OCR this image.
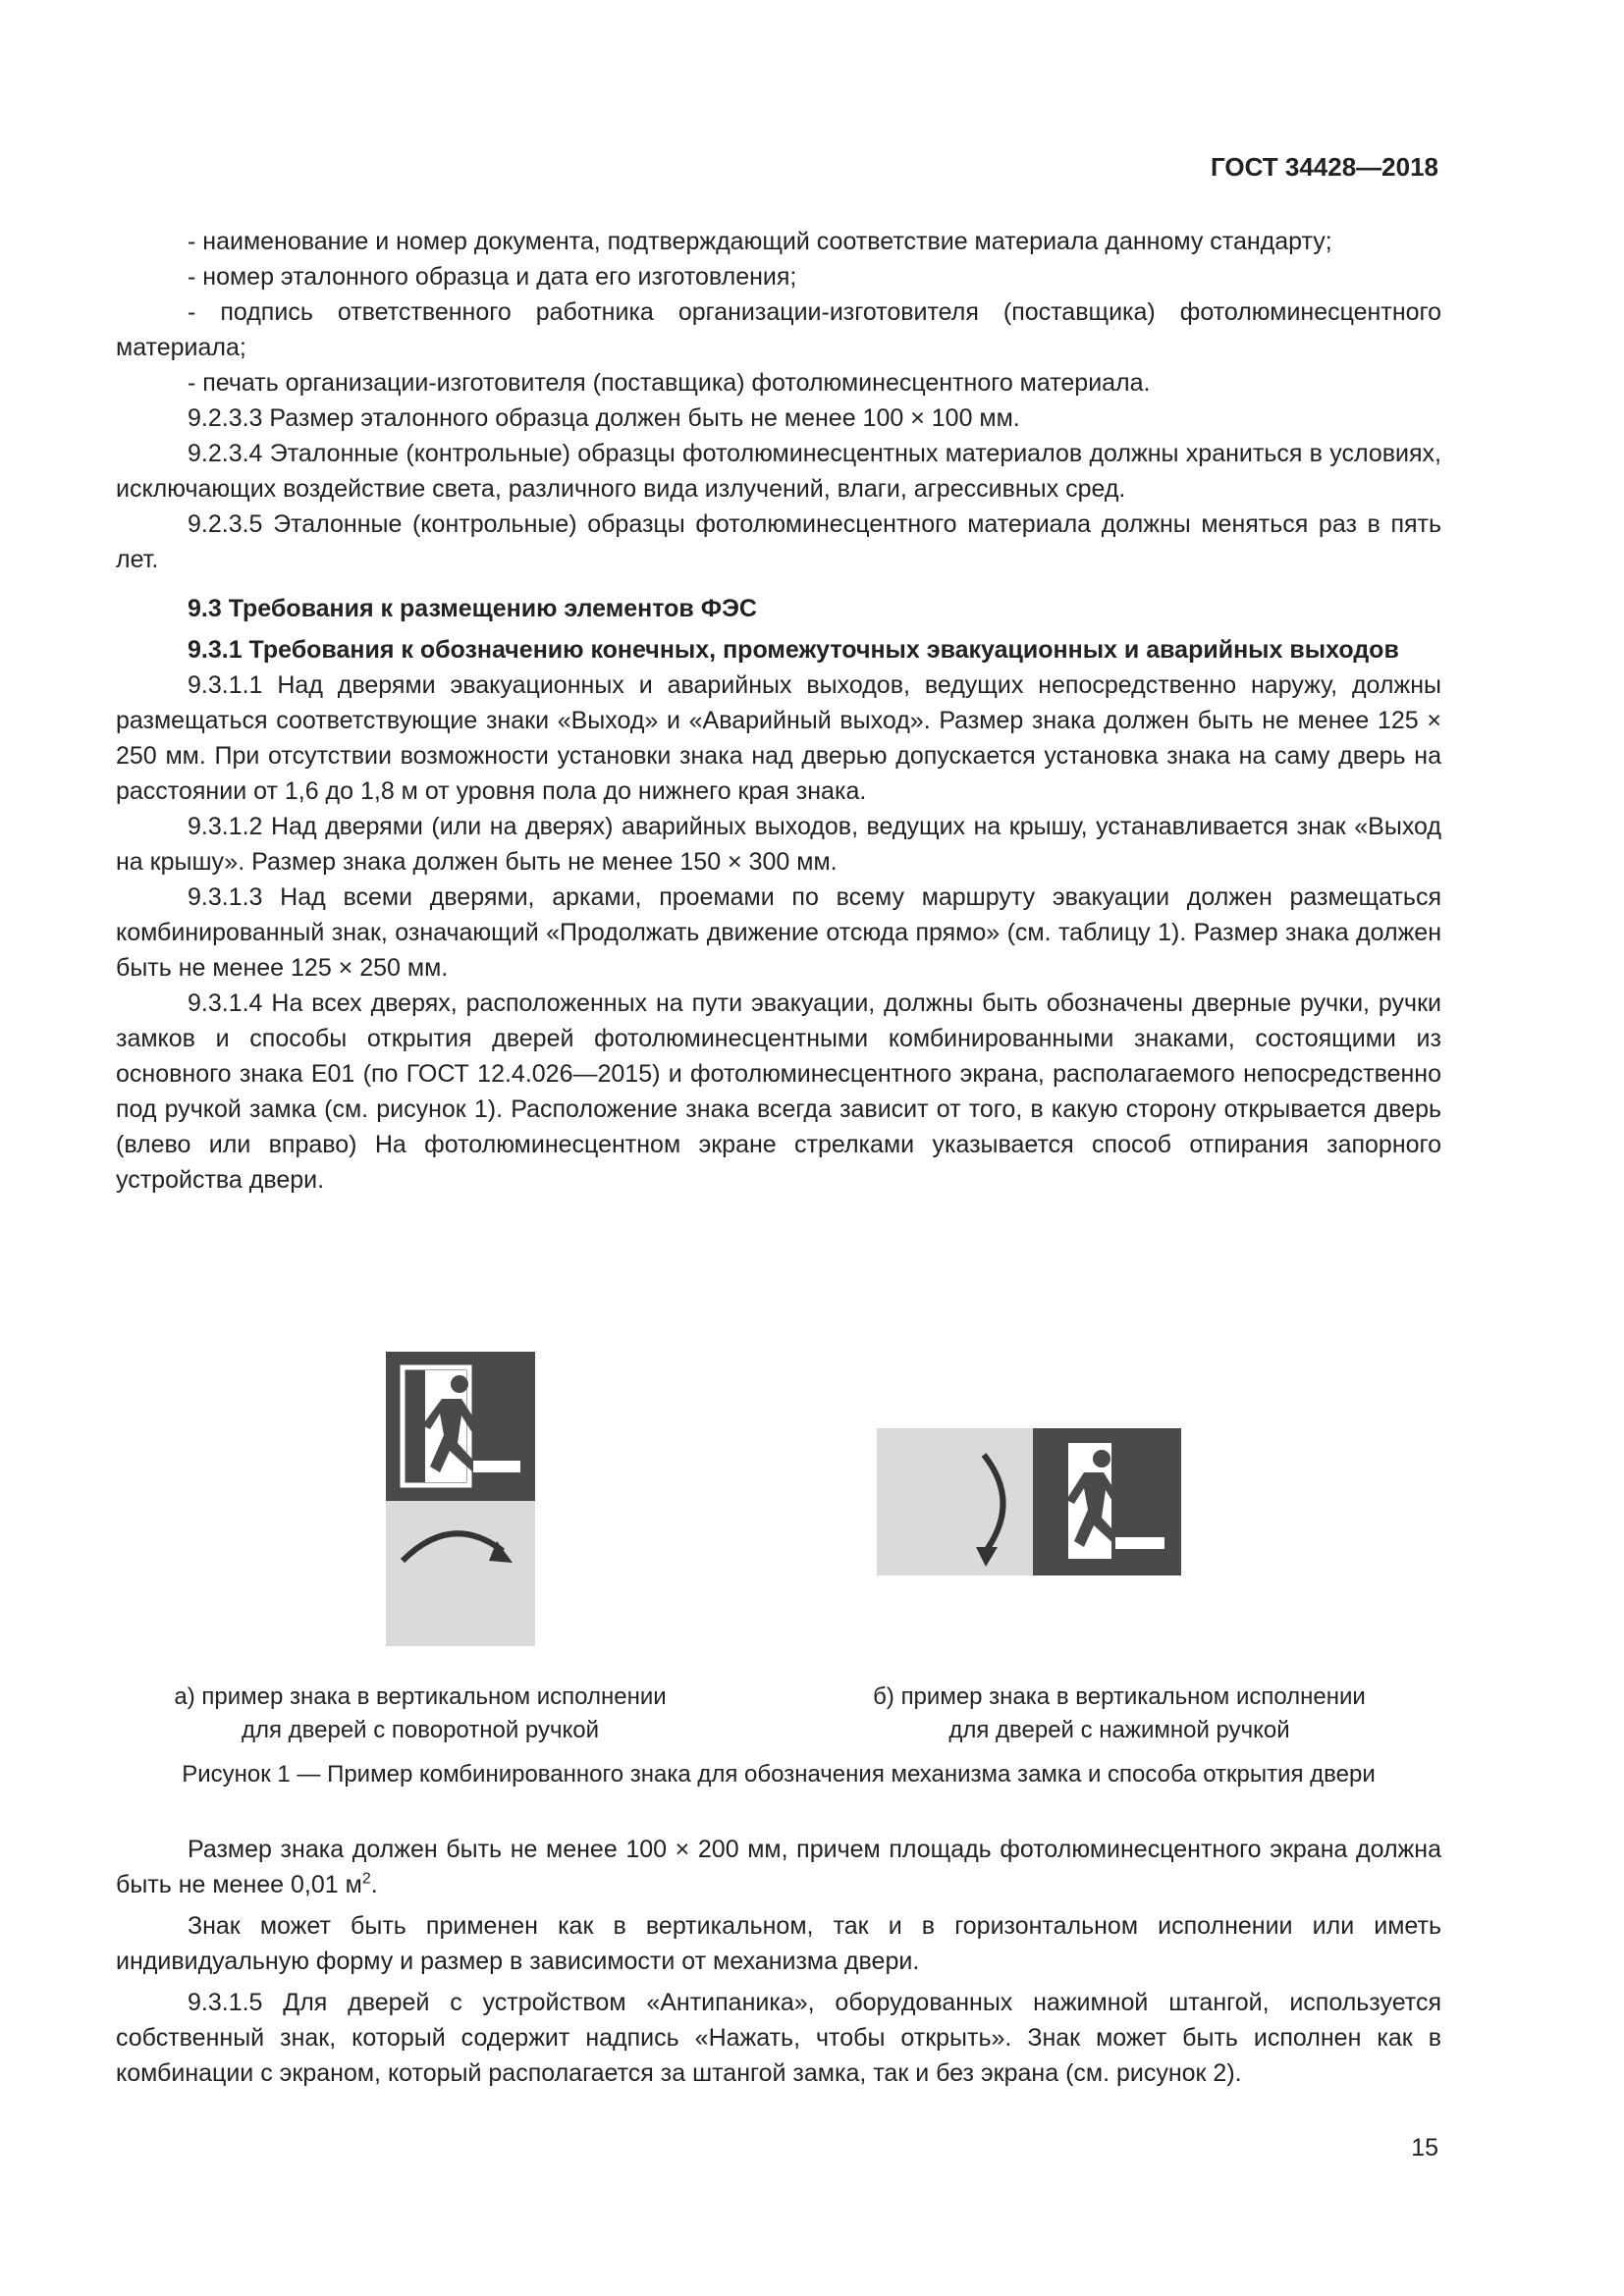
ГОСТ 34428—2018

- наименование и номер документа, подтверждающий соответствие материала данному стандарту;

- номер эталонного образца и дата его изготовления;

- подпись ответственного работника организации-изготовителя (поставщика) фотолюминесцентного материала;

- печать организации-изготовителя (поставщика) фотолюминесцентного материала.

9.2.3.3 Размер эталонного образца должен быть не менее 100 × 100 мм.

9.2.3.4 Эталонные (контрольные) образцы фотолюминесцентных материалов должны храниться в условиях, исключающих воздействие света, различного вида излучений, влаги, агрессивных сред.

9.2.3.5 Эталонные (контрольные) образцы фотолюминесцентного материала должны меняться раз в пять лет.

9.3 Требования к размещению элементов ФЭС

9.3.1 Требования к обозначению конечных, промежуточных эвакуационных и аварийных выходов

9.3.1.1 Над дверями эвакуационных и аварийных выходов, ведущих непосредственно наружу, должны размещаться соответствующие знаки «Выход» и «Аварийный выход». Размер знака должен быть не менее 125 × 250 мм. При отсутствии возможности установки знака над дверью допускается установка знака на саму дверь на расстоянии от 1,6 до 1,8 м от уровня пола до нижнего края знака.

9.3.1.2 Над дверями (или на дверях) аварийных выходов, ведущих на крышу, устанавливается знак «Выход на крышу». Размер знака должен быть не менее 150 × 300 мм.

9.3.1.3 Над всеми дверями, арками, проемами по всему маршруту эвакуации должен размещаться комбинированный знак, означающий «Продолжать движение отсюда прямо» (см. таблицу 1). Размер знака должен быть не менее 125 × 250 мм.

9.3.1.4 На всех дверях, расположенных на пути эвакуации, должны быть обозначены дверные ручки, ручки замков и способы открытия дверей фотолюминесцентными комбинированными знаками, состоящими из основного знака Е01 (по ГОСТ 12.4.026—2015) и фотолюминесцентного экрана, располагаемого непосредственно под ручкой замка (см. рисунок 1). Расположение знака всегда зависит от того, в какую сторону открывается дверь (влево или вправо) На фотолюминесцентном экране стрелками указывается способ отпирания запорного устройства двери.

а) пример знака в вертикальном исполнении
для дверей с поворотной ручкой
б) пример знака в вертикальном исполнении
для дверей с нажимной ручкой
Рисунок 1 — Пример комбинированного знака для обозначения механизма замка и способа открытия двери

Размер знака должен быть не менее 100 × 200 мм, причем площадь фотолюминесцентного экрана должна быть не менее 0,01 $м^2$.

Знак может быть применен как в вертикальном, так и в горизонтальном исполнении или иметь индивидуальную форму и размер в зависимости от механизма двери.

9.3.1.5 Для дверей с устройством «Антипаника», оборудованных нажимной штангой, используется собственный знак, который содержит надпись «Нажать, чтобы открыть». Знак может быть исполнен как в комбинации с экраном, который располагается за штангой замка, так и без экрана (см. рисунок 2).

15
